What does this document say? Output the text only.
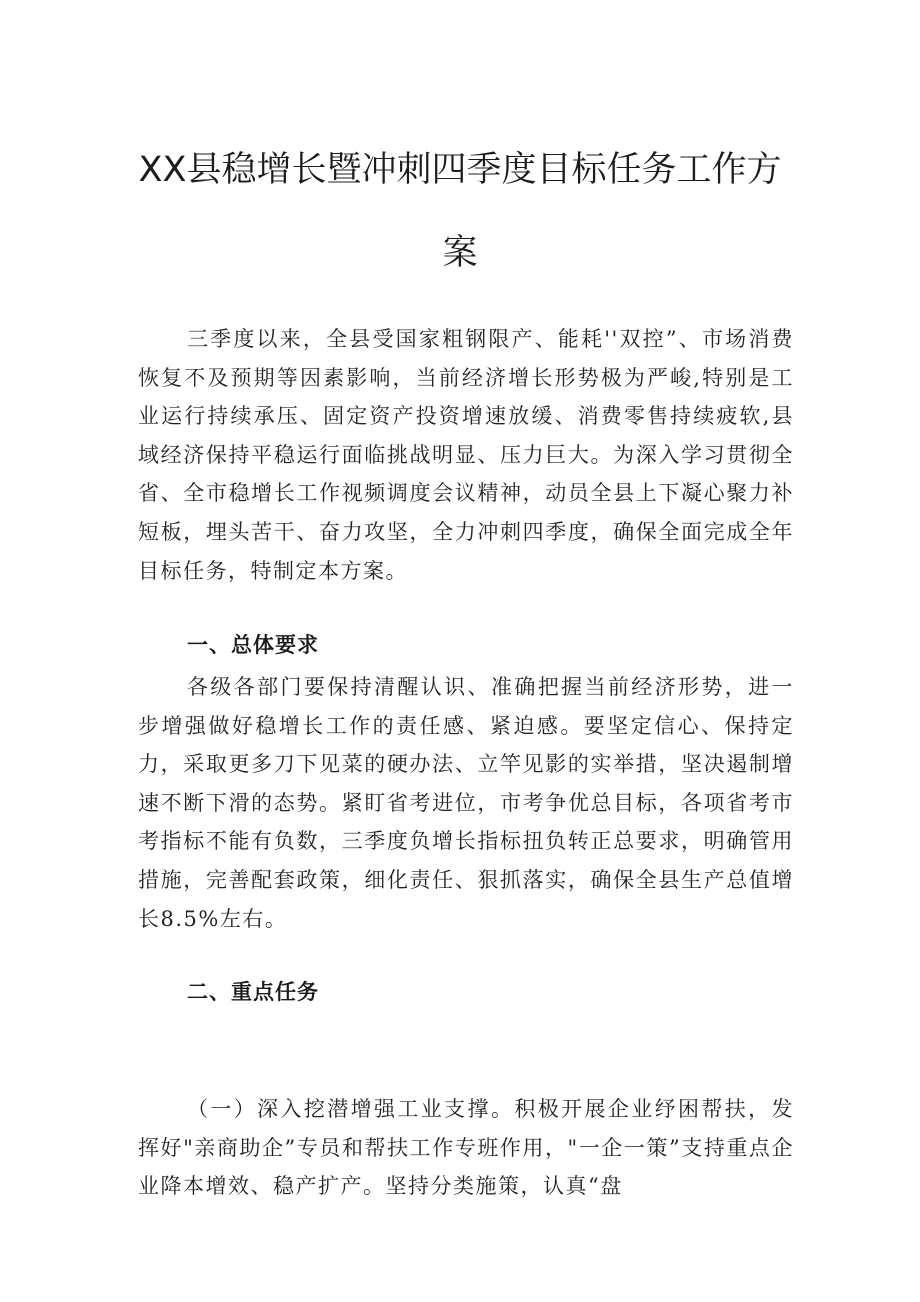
XX县稳增长暨冲刺四季度目标任务工作方
案

三季度以来，全县受国家粗钢限产、能耗''双控”、市场消费恢复不及预期等因素影响，当前经济增长形势极为严峻,特别是工业运行持续承压、固定资产投资增速放缓、消费零售持续疲软,县域经济保持平稳运行面临挑战明显、压力巨大。为深入学习贯彻全省、全市稳增长工作视频调度会议精神，动员全县上下凝心聚力补短板，埋头苦干、奋力攻坚，全力冲刺四季度，确保全面完成全年目标任务，特制定本方案。

一、总体要求

各级各部门要保持清醒认识、准确把握当前经济形势，进一步增强做好稳增长工作的责任感、紧迫感。要坚定信心、保持定力，采取更多刀下见菜的硬办法、立竿见影的实举措，坚决遏制增速不断下滑的态势。紧盯省考进位，市考争优总目标，各项省考市考指标不能有负数，三季度负增长指标扭负转正总要求，明确管用措施，完善配套政策，细化责任、狠抓落实，确保全县生产总值增长8.5%左右。

二、重点任务

（一）深入挖潜增强工业支撑。积极开展企业纾困帮扶，发挥好"亲商助企”专员和帮扶工作专班作用，"一企一策”支持重点企业降本增效、稳产扩产。坚持分类施策，认真“盘
